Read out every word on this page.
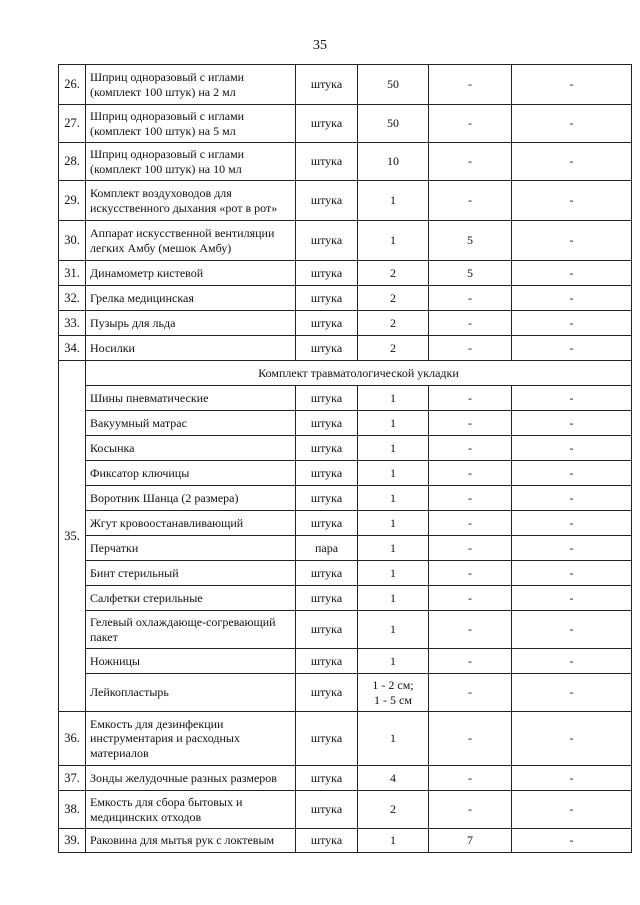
35
26.	Шприц одноразовый с иглами (комплект 100 штук) на 2 мл	штука	50	-	-
27.	Шприц одноразовый с иглами (комплект 100 штук) на 5 мл	штука	50	-	-
28.	Шприц одноразовый с иглами (комплект 100 штук) на 10 мл	штука	10	-	-
29.	Комплект воздуховодов для искусственного дыхания «рот в рот»	штука	1	-	-
30.	Аппарат искусственной вентиляции легких Амбу (мешок Амбу)	штука	1	5	-
31.	Динамометр кистевой	штука	2	5	-
32.	Грелка медицинская	штука	2	-	-
33.	Пузырь для льда	штука	2	-	-
34.	Носилки	штука	2	-	-
35.	Комплект травматологической укладки				
	Шины пневматические	штука	1	-	-
	Вакуумный матрас	штука	1	-	-
	Косынка	штука	1	-	-
	Фиксатор ключицы	штука	1	-	-
	Воротник Шанца (2 размера)	штука	1	-	-
	Жгут кровоостанавливающий	штука	1	-	-
	Перчатки	пара	1	-	-
	Бинт стерильный	штука	1	-	-
	Салфетки стерильные	штука	1	-	-
	Гелевый охлаждающе-согревающий пакет	штука	1	-	-
	Ножницы	штука	1	-	-
	Лейкопластырь	штука	1 - 2 см;
1 - 5 см	-	-
36.	Емкость для дезинфекции инструментария и расходных материалов	штука	1	-	-
37.	Зонды желудочные разных размеров	штука	4	-	-
38.	Емкость для сбора бытовых и медицинских отходов	штука	2	-	-
39.	Раковина для мытья рук с локтевым	штука	1	7	-
